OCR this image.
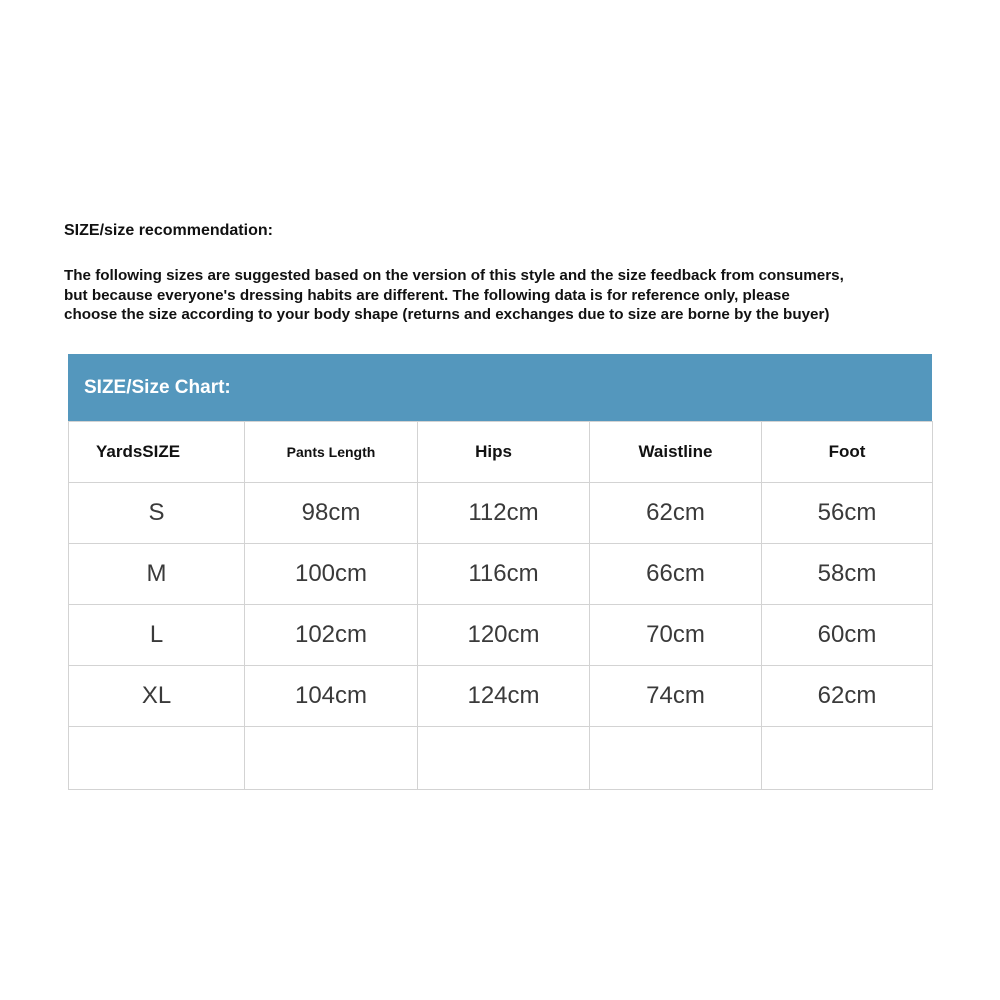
SIZE/size recommendation:
The following sizes are suggested based on the version of this style and the size feedback from consumers,
but because everyone's dressing habits are different. The following data is for reference only, please
choose the size according to your body shape (returns and exchanges due to size are borne by the buyer)
SIZE/Size Chart:
YardsSIZE	Pants Length	Hips	Waistline	Foot
S	98cm	112cm	62cm	56cm
M	100cm	116cm	66cm	58cm
L	102cm	120cm	70cm	60cm
XL	104cm	124cm	74cm	62cm
